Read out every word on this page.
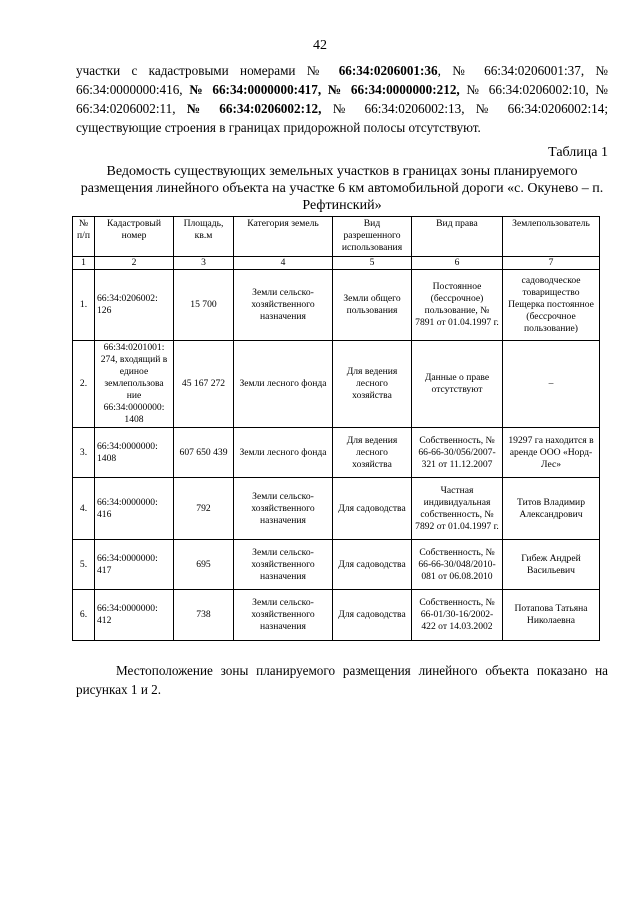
42
участки с кадастровыми номерами № 66:34:0206001:36, № 66:34:0206001:37, № 66:34:0000000:416, № 66:34:0000000:417, № 66:34:0000000:212, № 66:34:0206002:10, № 66:34:0206002:11, № 66:34:0206002:12, № 66:34:0206002:13, № 66:34:0206002:14; существующие строения в границах придорожной полосы отсутствуют.
Таблица 1
Ведомость существующих земельных участков в границах зоны планируемого размещения линейного объекта на участке 6 км автомобильной дороги «с. Окунево – п. Рефтинский»
№ п/п	Кадастровый номер	Площадь, кв.м	Категория земель	Вид разрешенного использования	Вид права	Землепользователь
1	2	3	4	5	6	7
1.	66:34:0206002: 126	15 700	Земли сельско-хозяйственного назначения	Земли общего пользования	Постоянное (бессрочное) пользование, № 7891 от 01.04.1997 г.	садоводческое товарищество Пещерка постоянное (бессрочное пользование)
2.	66:34:0201001: 274, входящий в единое землепользова ние 66:34:0000000: 1408	45 167 272	Земли лесного фонда	Для ведения лесного хозяйства	Данные о праве отсутствуют	–
3.	66:34:0000000: 1408	607 650 439	Земли лесного фонда	Для ведения лесного хозяйства	Собственность, № 66-66-30/056/2007-321 от 11.12.2007	19297 га находится в аренде ООО «Норд-Лес»
4.	66:34:0000000: 416	792	Земли сельско-хозяйственного назначения	Для садоводства	Частная индивидуальная собственность, № 7892 от 01.04.1997 г.	Титов Владимир Александрович
5.	66:34:0000000: 417	695	Земли сельско-хозяйственного назначения	Для садоводства	Собственность, № 66-66-30/048/2010-081 от 06.08.2010	Гибеж Андрей Васильевич
6.	66:34:0000000: 412	738	Земли сельско-хозяйственного назначения	Для садоводства	Собственность, № 66-01/30-16/2002-422 от 14.03.2002	Потапова Татьяна Николаевна
Местоположение зоны планируемого размещения линейного объекта показано на рисунках 1 и 2.
